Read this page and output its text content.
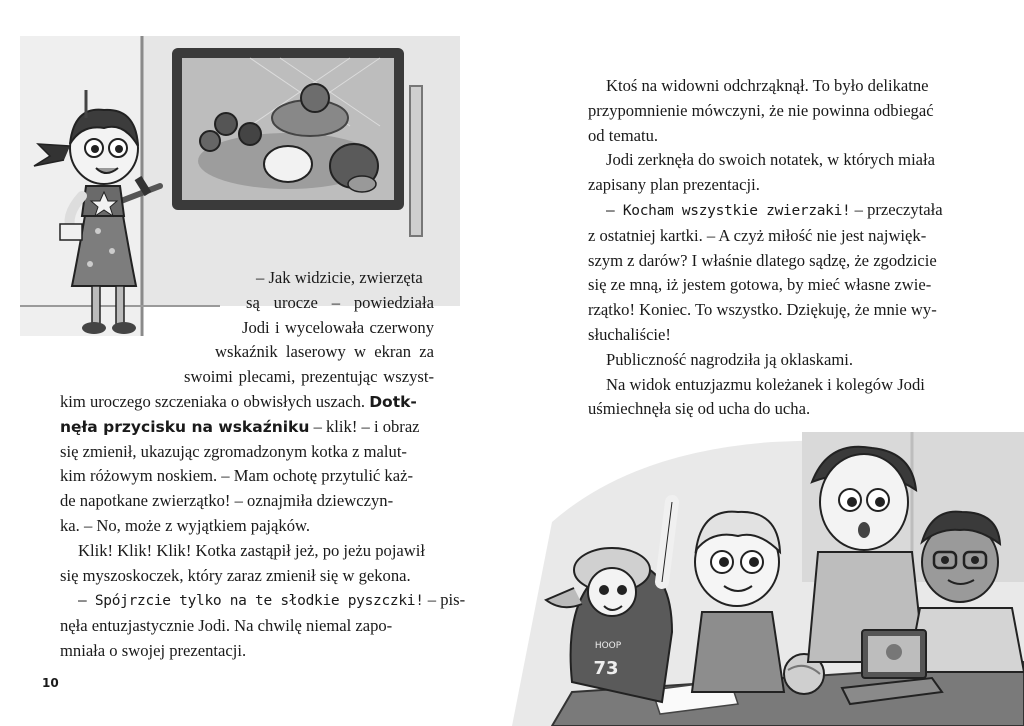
– Jak widzicie, zwierzęta
są urocze – powiedziała
Jodi i wycelowała czerwony
wskaźnik laserowy w ekran za
swoimi plecami, prezentując wszyst-
kim uroczego szczeniaka o obwisłych uszach. Dotk-
nęła przycisku na wskaźniku – klik! – i obraz
się zmienił, ukazując zgromadzonym kotka z malut-
kim różowym noskiem. – Mam ochotę przytulić każ-
de napotkane zwierzątko! – oznajmiła dziewczyn-
ka. – No, może z wyjątkiem pająków.
Klik! Klik! Klik! Kotka zastąpił jeż, po jeżu pojawił
się myszoskoczek, który zaraz zmienił się w gekona.
– Spójrzcie tylko na te słodkie pyszczki! – pis-
nęła entuzjastycznie Jodi. Na chwilę niemal zapo-
mniała o swojej prezentacji.
10
Ktoś na widowni odchrząknął. To było delikatne
przypomnienie mówczyni, że nie powinna odbiegać
od tematu.
Jodi zerknęła do swoich notatek, w których miała
zapisany plan prezentacji.
– Kocham wszystkie zwierzaki! – przeczytała
z ostatniej kartki. – A czyż miłość nie jest najwięk-
szym z darów? I właśnie dlatego sądzę, że zgodzicie
się ze mną, iż jestem gotowa, by mieć własne zwie-
rzątko! Koniec. To wszystko. Dziękuję, że mnie wy-
słuchaliście!
Publiczność nagrodziła ją oklaskami.
Na widok entuzjazmu koleżanek i kolegów Jodi
uśmiechnęła się od ucha do ucha.
HOOP
73
